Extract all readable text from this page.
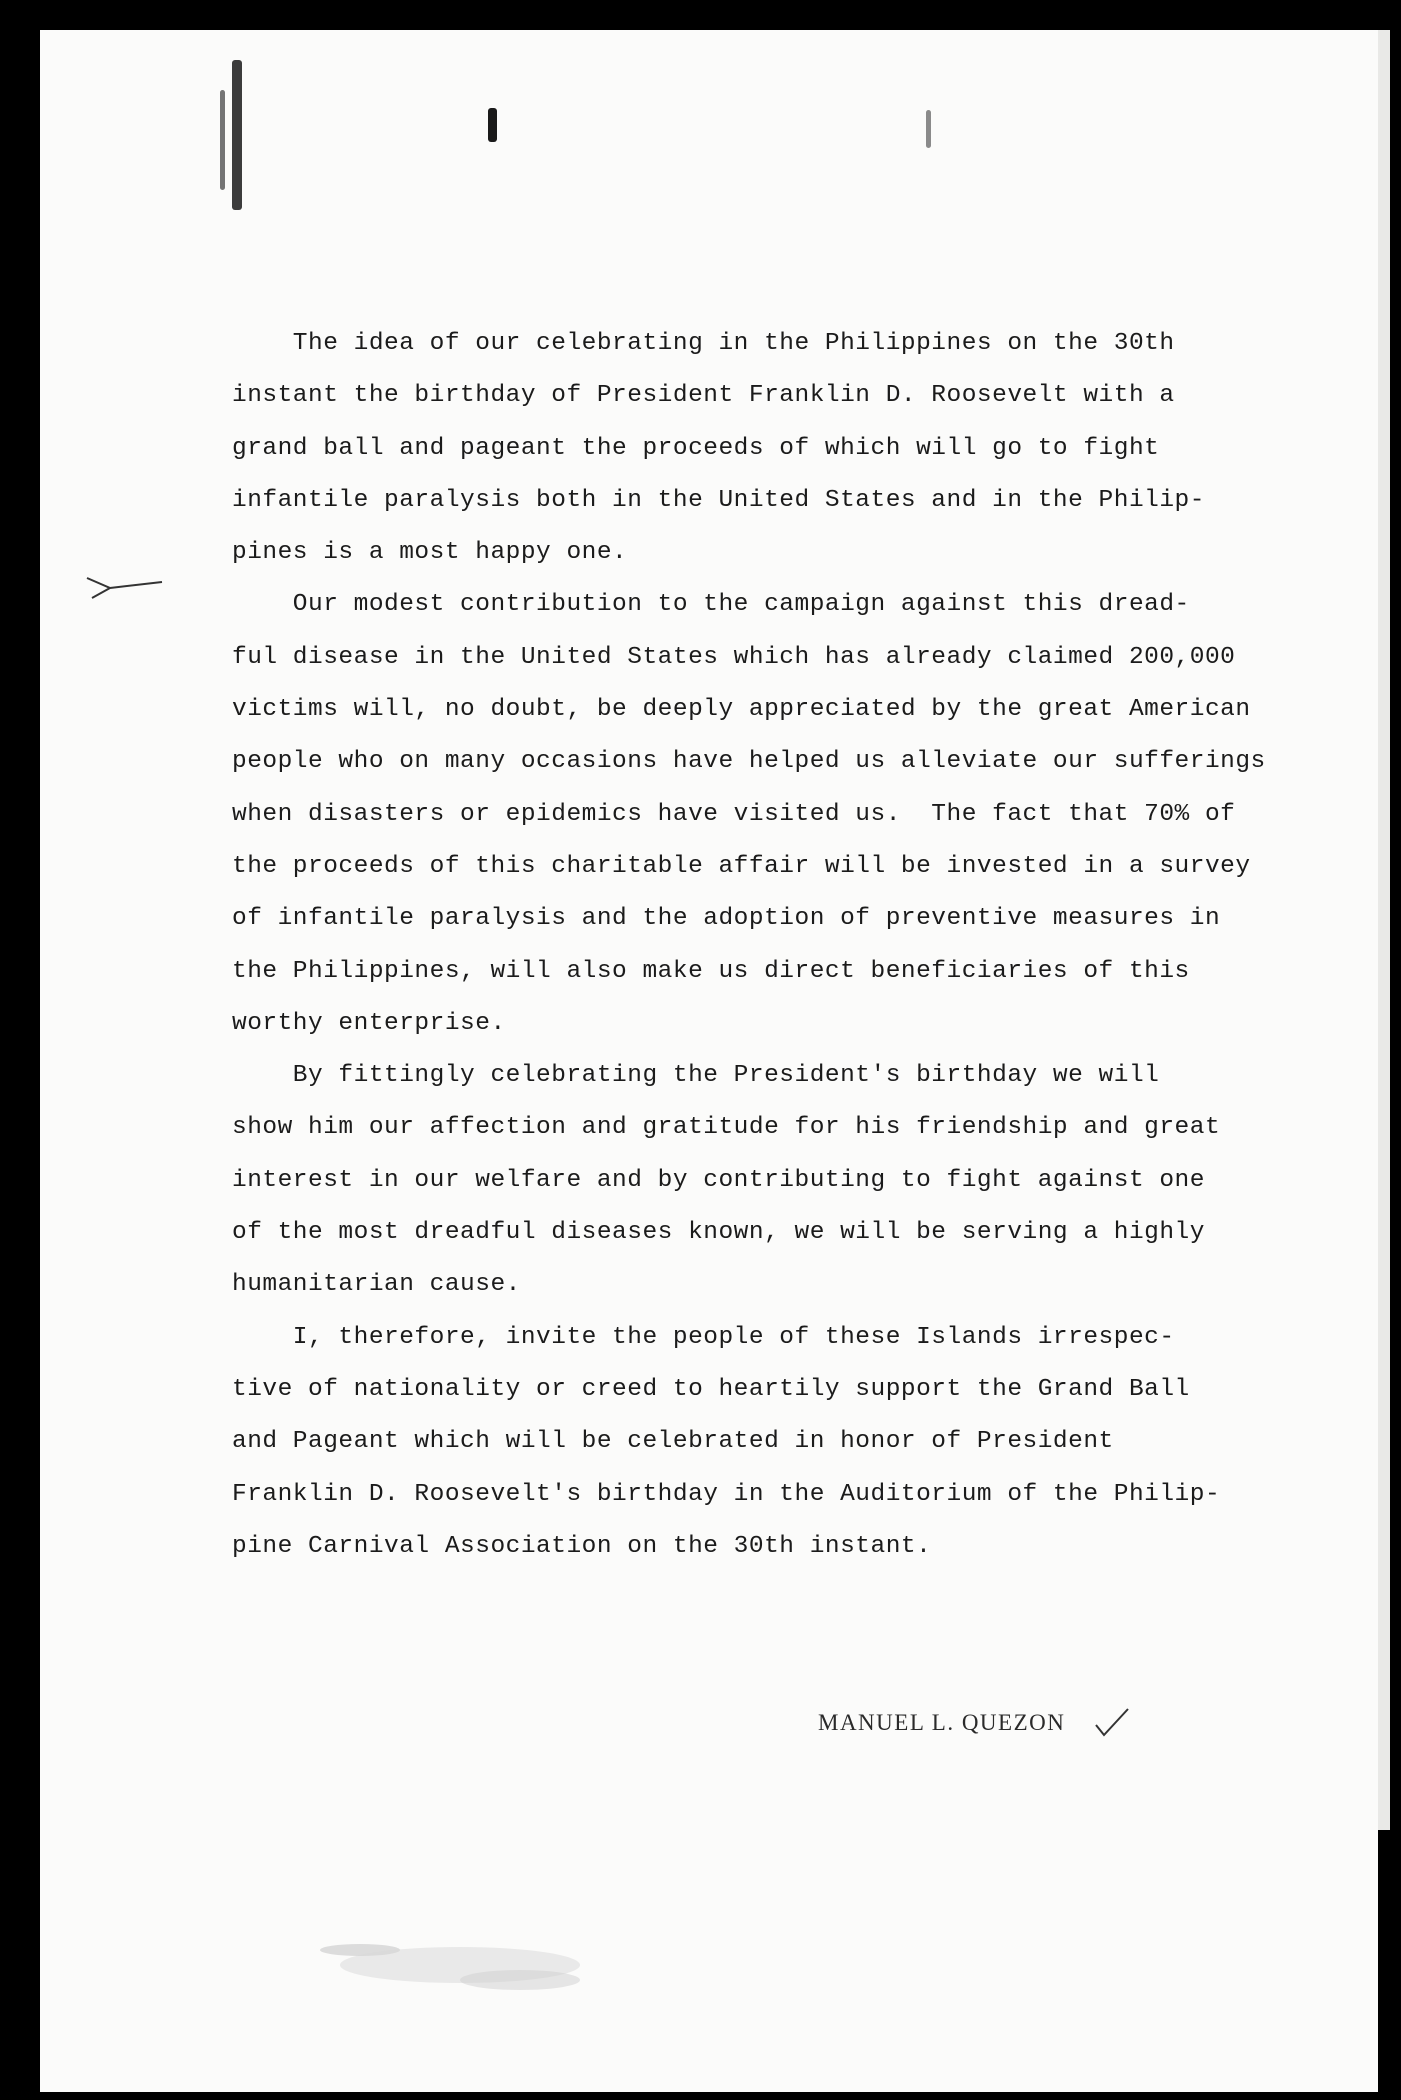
The idea of our celebrating in the Philippines on the 30th
instant the birthday of President Franklin D. Roosevelt with a
grand ball and pageant the proceeds of which will go to fight
infantile paralysis both in the United States and in the Philip-
pines is a most happy one.
Our modest contribution to the campaign against this dread-
ful disease in the United States which has already claimed 200,000
victims will, no doubt, be deeply appreciated by the great American
people who on many occasions have helped us alleviate our sufferings
when disasters or epidemics have visited us.  The fact that 70% of
the proceeds of this charitable affair will be invested in a survey
of infantile paralysis and the adoption of preventive measures in
the Philippines, will also make us direct beneficiaries of this
worthy enterprise.
By fittingly celebrating the President's birthday we will
show him our affection and gratitude for his friendship and great
interest in our welfare and by contributing to fight against one
of the most dreadful diseases known, we will be serving a highly
humanitarian cause.
I, therefore, invite the people of these Islands irrespec-
tive of nationality or creed to heartily support the Grand Ball
and Pageant which will be celebrated in honor of President
Franklin D. Roosevelt's birthday in the Auditorium of the Philip-
pine Carnival Association on the 30th instant.
MANUEL L. QUEZON
